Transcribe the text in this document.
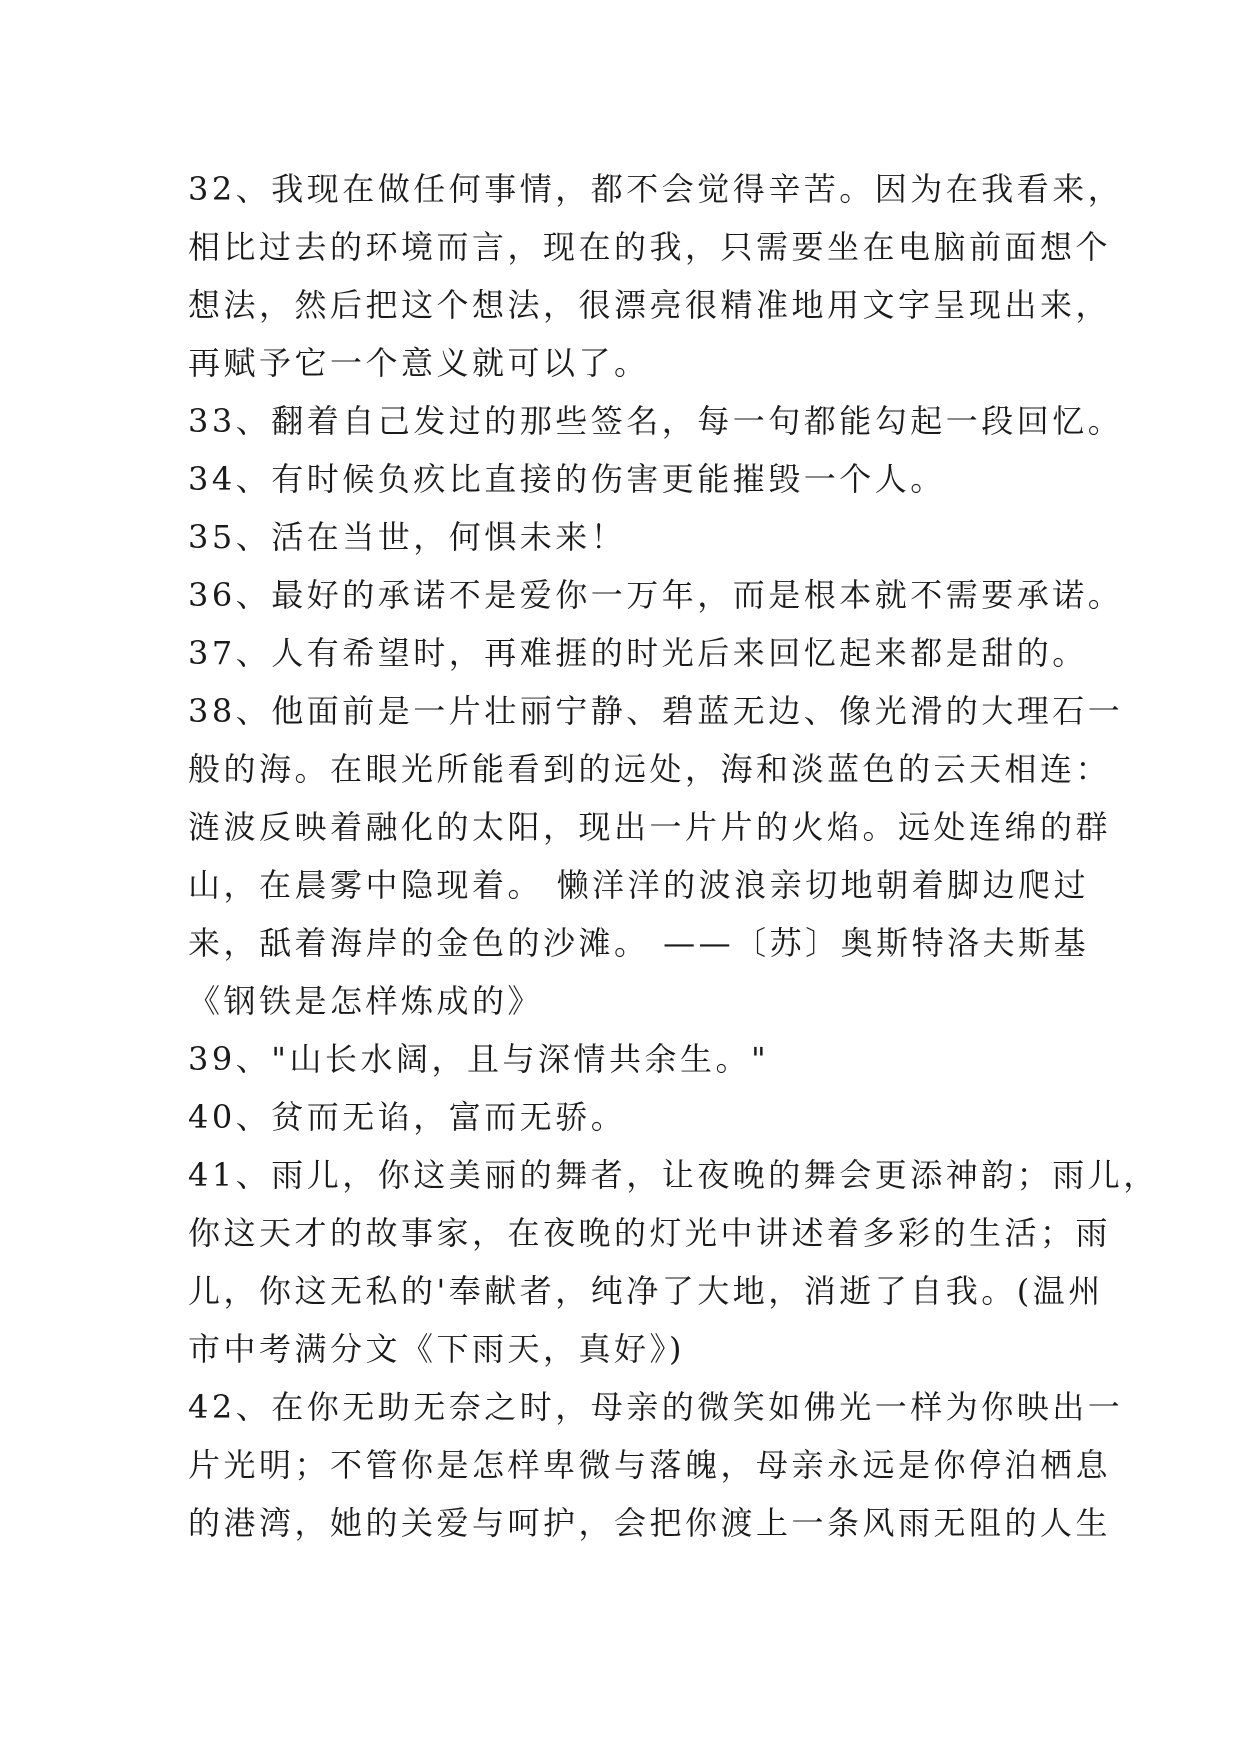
32、我现在做任何事情，都不会觉得辛苦。因为在我看来，
相比过去的环境而言，现在的我，只需要坐在电脑前面想个
想法，然后把这个想法，很漂亮很精准地用文字呈现出来，
再赋予它一个意义就可以了。

33、翻着自己发过的那些签名，每一句都能勾起一段回忆。

34、有时候负疚比直接的伤害更能摧毁一个人。

35、活在当世，何惧未来！

36、最好的承诺不是爱你一万年，而是根本就不需要承诺。

37、人有希望时，再难捱的时光后来回忆起来都是甜的。

38、他面前是一片壮丽宁静、碧蓝无边、像光滑的大理石一
般的海。在眼光所能看到的远处，海和淡蓝色的云天相连：
涟波反映着融化的太阳，现出一片片的火焰。远处连绵的群
山，在晨雾中隐现着。 懒洋洋的波浪亲切地朝着脚边爬过
来，舐着海岸的金色的沙滩。 ——〔苏〕奥斯特洛夫斯基
《钢铁是怎样炼成的》

39、"山长水阔，且与深情共余生。"

40、贫而无谄，富而无骄。

41、雨儿，你这美丽的舞者，让夜晚的舞会更添神韵；雨儿，
你这天才的故事家，在夜晚的灯光中讲述着多彩的生活；雨
儿，你这无私的'奉献者，纯净了大地，消逝了自我。(温州
市中考满分文《下雨天，真好》)

42、在你无助无奈之时，母亲的微笑如佛光一样为你映出一
片光明；不管你是怎样卑微与落魄，母亲永远是你停泊栖息
的港湾，她的关爱与呵护，会把你渡上一条风雨无阻的人生
